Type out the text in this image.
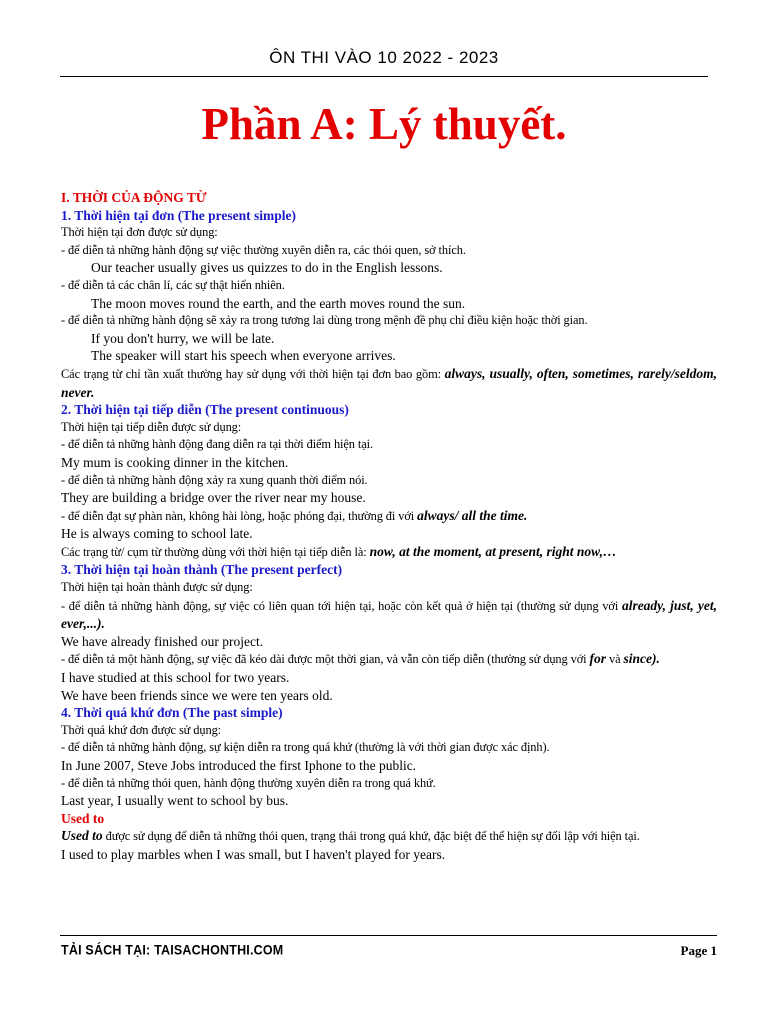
ÔN THI VÀO 10 2022 - 2023
Phần A: Lý thuyết.
I. THỜI CỦA ĐỘNG TỪ
1. Thời hiện tại đơn (The present simple)
Thời hiện tại đơn được sử dụng:
- để diễn tả những hành động sự việc thường xuyên diễn ra, các thói quen, sở thích.
Our teacher usually gives us quizzes to do in the English lessons.
- để diễn tả các chân lí, các sự thật hiển nhiên.
The moon moves round the earth, and the earth moves round the sun.
- để diễn tả những hành động sẽ xảy ra trong tương lai dùng trong mệnh đề phụ chỉ điều kiện hoặc thời gian.
If you don't hurry, we will be late.
The speaker will start his speech when everyone arrives.
Các trạng từ chỉ tần xuất thường hay sử dụng với thời hiện tại đơn bao gồm: always, usually, often, sometimes, rarely/seldom, never.
2. Thời hiện tại tiếp diễn (The present continuous)
Thời hiện tại tiếp diễn được sử dụng:
- để diễn tả những hành động đang diễn ra tại thời điểm hiện tại.
My mum is cooking dinner in the kitchen.
- để diễn tả những hành động xảy ra xung quanh thời điểm nói.
They are building a bridge over the river near my house.
- để diễn đạt sự phàn nàn, không hài lòng, hoặc phóng đại, thường đi với always/ all the time.
He is always coming to school late.
Các trạng từ/ cụm từ thường dùng với thời hiện tại tiếp diễn là: now, at the moment, at present, right now,…
3. Thời hiện tại hoàn thành (The present perfect)
Thời hiện tại hoàn thành được sử dụng:
- để diễn tả những hành động, sự việc có liên quan tới hiện tại, hoặc còn kết quả ở hiện tại (thường sử dụng với already, just, yet, ever,...).
We have already finished our project.
- để diễn tả một hành động, sự việc đã kéo dài được một thời gian, và vẫn còn tiếp diễn (thường sử dụng với for và since).
I have studied at this school for two years.
We have been friends since we were ten years old.
4. Thời quá khứ đơn (The past simple)
Thời quá khứ đơn được sử dụng:
- để diễn tả những hành động, sự kiện diễn ra trong quá khứ (thường là với thời gian được xác định).
In June 2007, Steve Jobs introduced the first Iphone to the public.
- để diễn tả những thói quen, hành động thường xuyên diễn ra trong quá khứ.
Last year, I usually went to school by bus.
Used to
Used to được sử dụng để diễn tả những thói quen, trạng thái trong quá khứ, đặc biệt để thể hiện sự đối lập với hiện tại.
I used to play marbles when I was small, but I haven't played for years.
TẢI SÁCH TẠI: TAISACHONTHI.COM	Page 1
